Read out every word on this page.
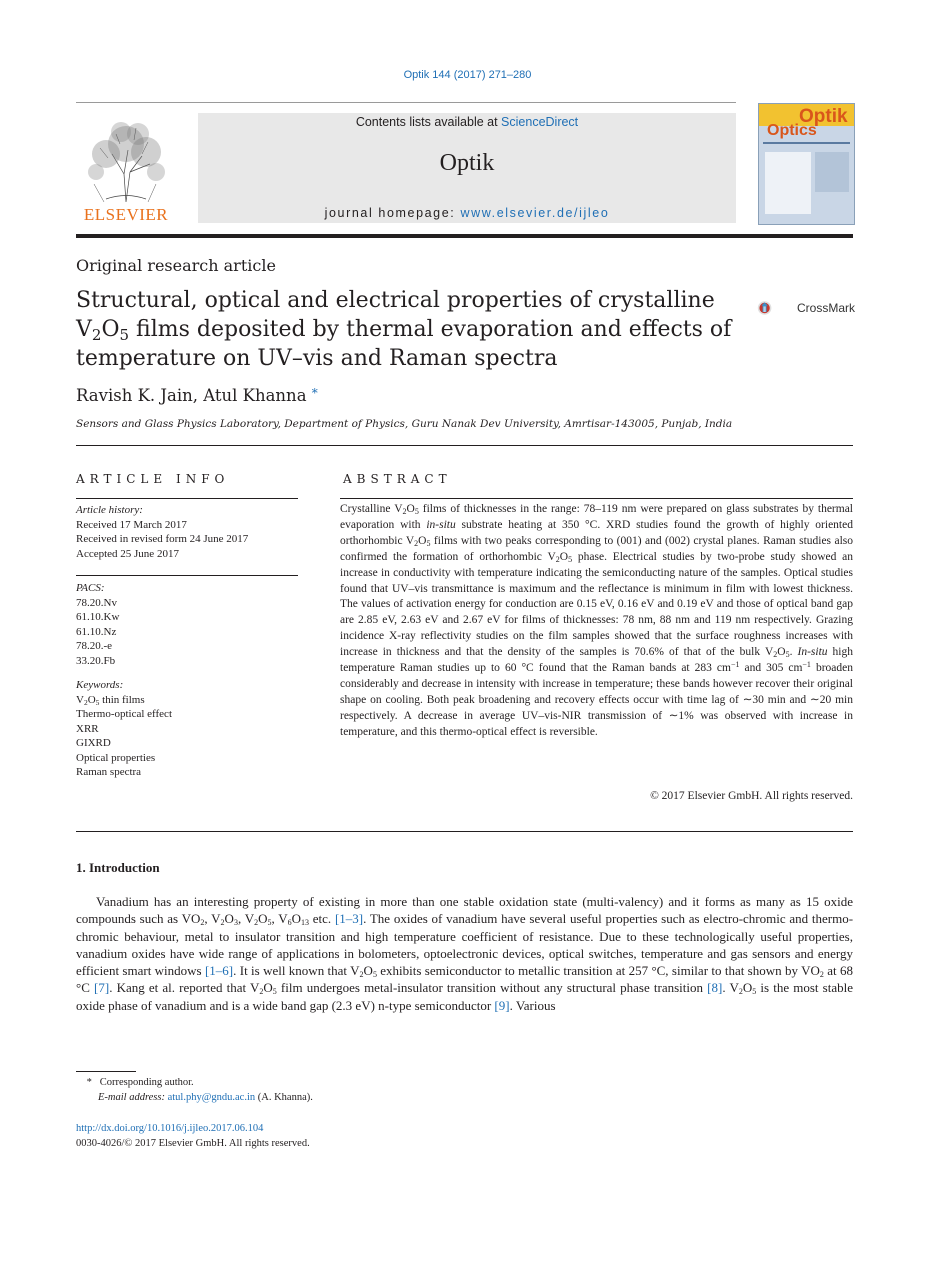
Optik 144 (2017) 271–280
ELSEVIER
Contents lists available at ScienceDirect
Optik
journal homepage: www.elsevier.de/ijleo
Optik
Optics
Original research article
Structural, optical and electrical properties of crystalline $V_2O_5$ films deposited by thermal evaporation and effects of temperature on UV–vis and Raman spectra
CrossMark
Ravish K. Jain, Atul Khanna *
Sensors and Glass Physics Laboratory, Department of Physics, Guru Nanak Dev University, Amrtisar-143005, Punjab, India
ARTICLE INFO
Article history:
Received 17 March 2017
Received in revised form 24 June 2017
Accepted 25 June 2017
PACS:
78.20.Nv
61.10.Kw
61.10.Nz
78.20.-e
33.20.Fb
Keywords:
$V_2O_5$ thin films
Thermo-optical effect
XRR
GIXRD
Optical properties
Raman spectra
ABSTRACT
Crystalline $V_2O_5$ films of thicknesses in the range: 78–119 nm were prepared on glass substrates by thermal evaporation with in-situ substrate heating at 350 °C. XRD studies found the growth of highly oriented orthorhombic $V_2O_5$ films with two peaks corresponding to (001) and (002) crystal planes. Raman studies also confirmed the formation of orthorhombic $V_2O_5$ phase. Electrical studies by two-probe study showed an increase in conductivity with temperature indicating the semiconducting nature of the samples. Optical studies found that UV–vis transmittance is maximum and the reflectance is minimum in film with lowest thickness. The values of activation energy for conduction are 0.15 eV, 0.16 eV and 0.19 eV and those of optical band gap are 2.85 eV, 2.63 eV and 2.67 eV for films of thicknesses: 78 nm, 88 nm and 119 nm respectively. Grazing incidence X-ray reflectivity studies on the film samples showed that the surface roughness increases with increase in thickness and that the density of the samples is 70.6% of that of the bulk $V_2O_5$. In-situ high temperature Raman studies up to 60 °C found that the Raman bands at 283 $cm^{-1}$ and 305 $cm^{-1}$ broaden considerably and decrease in intensity with increase in temperature; these bands however recover their original shape on cooling. Both peak broadening and recovery effects occur with time lag of ∼30 min and ∼20 min respectively. A decrease in average UV–vis-NIR transmission of ∼1% was observed with increase in temperature, and this thermo-optical effect is reversible.
© 2017 Elsevier GmbH. All rights reserved.
1. Introduction

Vanadium has an interesting property of existing in more than one stable oxidation state (multi-valency) and it forms as many as 15 oxide compounds such as $VO_2$, $V_2O_3$, $V_2O_5$, $V_6O_{13}$ etc. [1–3]. The oxides of vanadium have several useful properties such as electro-chromic and thermo-chromic behaviour, metal to insulator transition and high temperature coefficient of resistance. Due to these technologically useful properties, vanadium oxides have wide range of applications in bolometers, optoelectronic devices, optical switches, temperature and gas sensors and energy efficient smart windows [1–6]. It is well known that $V_2O_5$ exhibits semiconductor to metallic transition at 257 °C, similar to that shown by $VO_2$ at 68 °C [7]. Kang et al. reported that $V_2O_5$ film undergoes metal-insulator transition without any structural phase transition [8]. $V_2O_5$ is the most stable oxide phase of vanadium and is a wide band gap (2.3 eV) n-type semiconductor [9]. Various

*   Corresponding author.
E-mail address: atul.phy@gndu.ac.in (A. Khanna).
http://dx.doi.org/10.1016/j.ijleo.2017.06.104
0030-4026/© 2017 Elsevier GmbH. All rights reserved.
